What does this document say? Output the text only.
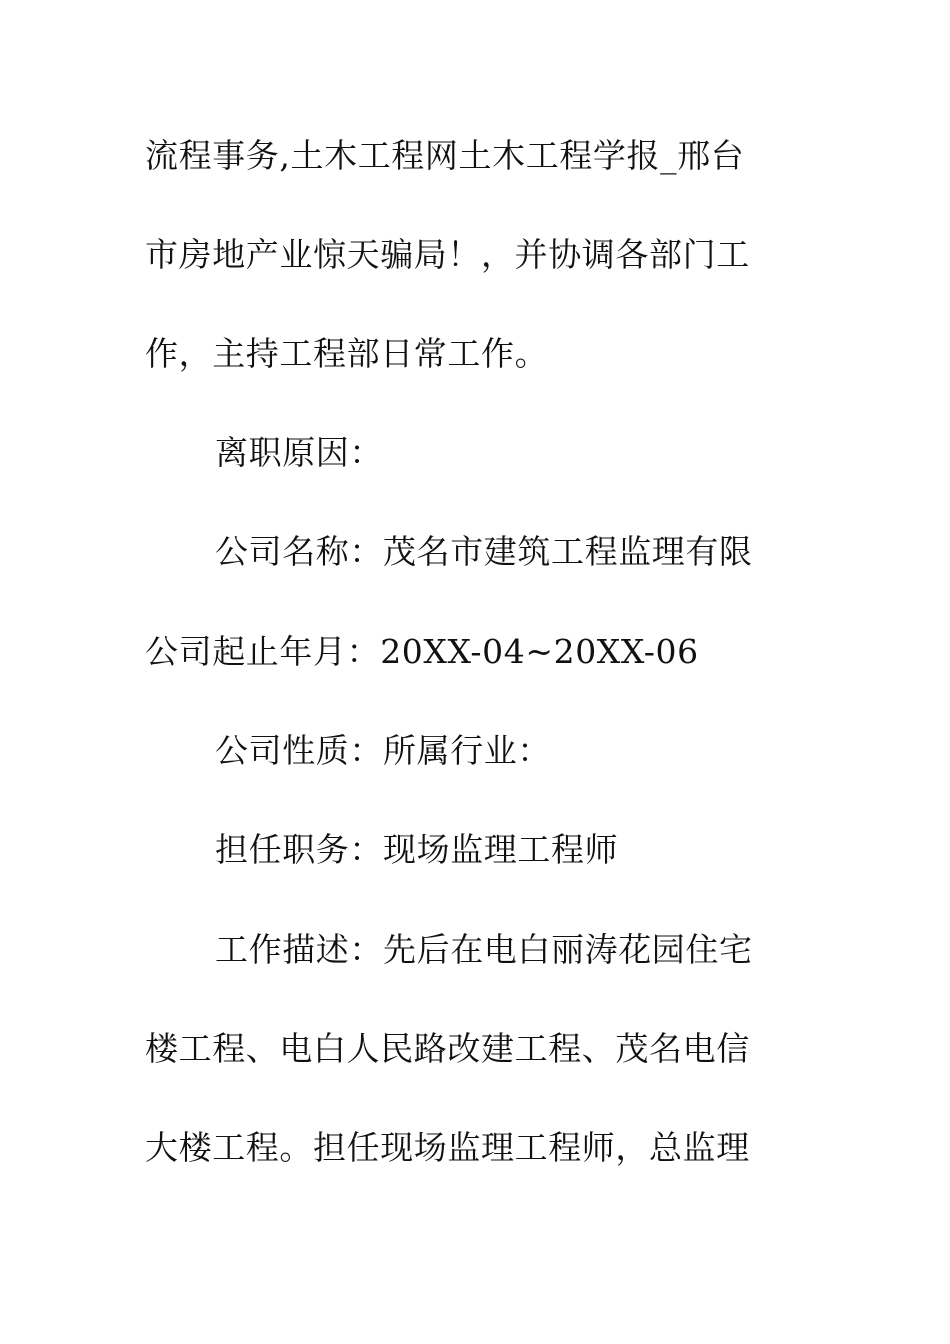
流程事务,土木工程网土木工程学报_邢台
市房地产业惊天骗局！，并协调各部门工
作，主持工程部日常工作。
离职原因：
公司名称：茂名市建筑工程监理有限
公司起止年月：20XX-04~20XX-06
公司性质：所属行业：
担任职务：现场监理工程师
工作描述：先后在电白丽涛花园住宅
楼工程、电白人民路改建工程、茂名电信
大楼工程。担任现场监理工程师，总监理
